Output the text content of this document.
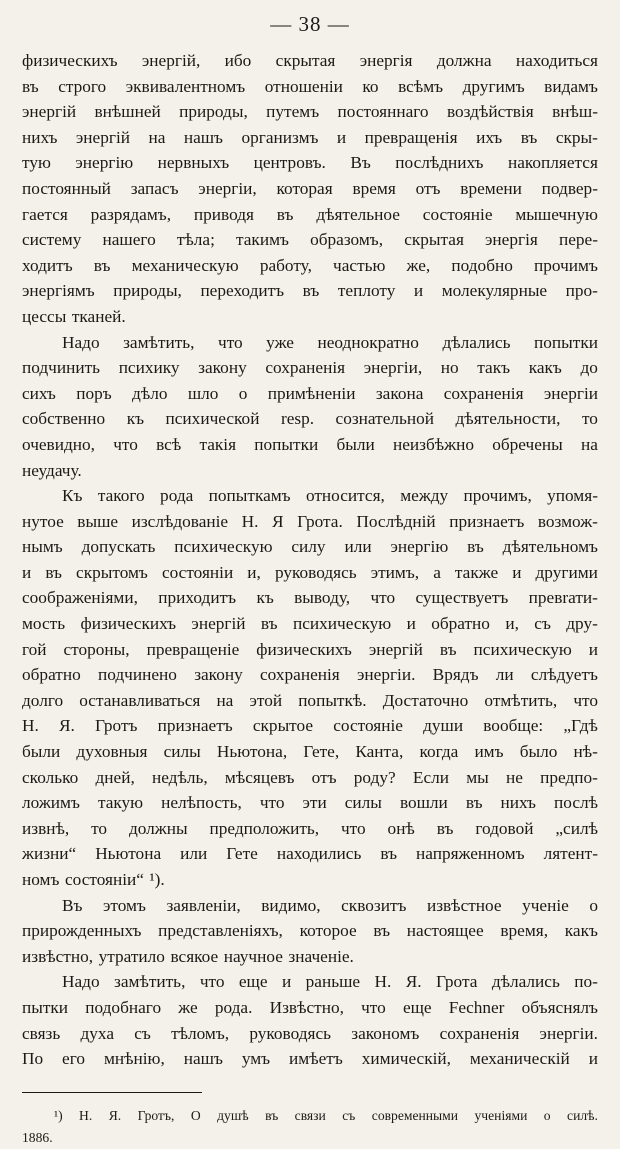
— 38 —
физическихъ энергій, ибо скрытая энергія должна находиться
въ строго эквивалентномъ отношеніи ко всѣмъ другимъ видамъ
энергій внѣшней природы, путемъ постояннаго воздѣйствія внѣш-
нихъ энергій на нашъ организмъ и превращенія ихъ въ скры-
тую энергію нервныхъ центровъ. Въ послѣднихъ накопляется
постоянный запасъ энергіи, которая время отъ времени подвер-
гается разрядамъ, приводя въ дѣятельное состояніе мышечную
систему нашего тѣла; такимъ образомъ, скрытая энергія пере-
ходитъ въ механическую работу, частью же, подобно прочимъ
энергіямъ природы, переходитъ въ теплоту и молекулярные про-
цессы тканей.
Надо замѣтить, что уже неоднократно дѣлались попытки
подчинить психику закону сохраненія энергіи, но такъ какъ до
сихъ поръ дѣло шло о примѣненіи закона сохраненія энергіи
собственно къ психической resp. сознательной дѣятельности, то
очевидно, что всѣ такія попытки были неизбѣжно обречены на
неудачу.
Къ такого рода попыткамъ относится, между прочимъ, упомя-
нутое выше изслѣдованіе Н. Я Грота. Послѣдній признаетъ возмож-
нымъ допускать психическую силу или энергію въ дѣятельномъ
и въ скрытомъ состояніи и, руководясь этимъ, а также и другими
соображеніями, приходитъ къ выводу, что существуетъ превrати-
мость физическихъ энергій въ психическую и обратно и, съ дру-
гой стороны, превращеніе физическихъ энергій въ психическую и
обратно подчинено закону сохраненія энергіи. Врядъ ли слѣдуетъ
долго останавливаться на этой попыткѣ. Достаточно отмѣтить, что
Н. Я. Гротъ признаетъ скрытое состояніе души вообще: „Гдѣ
были духовныя силы Ньютона, Гете, Канта, когда имъ было нѣ-
сколько дней, недѣль, мѣсяцевъ отъ роду? Если мы не предпо-
ложимъ такую нелѣпость, что эти силы вошли въ нихъ послѣ
извнѣ, то должны предположить, что онѣ въ годовой „силѣ
жизни“ Ньютона или Гете находились въ напряженномъ лятент-
номъ состояніи“ ¹).
Въ этомъ заявленіи, видимо, сквозитъ извѣстное ученіе о
прирожденныхъ представленіяхъ, которое въ настоящее время, какъ
извѣстно, утратило всякое научное значеніе.
Надо замѣтить, что еще и раньше Н. Я. Грота дѣлались по-
пытки подобнаго же рода. Извѣстно, что еще Fechner объяснялъ
связь духа съ тѣломъ, руководясь закономъ сохраненія энергіи.
По его мнѣнію, нашъ умъ имѣетъ химическій, механическій и
¹) Н. Я. Гротъ, О душѣ въ связи съ современными ученіями о силѣ.
1886.
